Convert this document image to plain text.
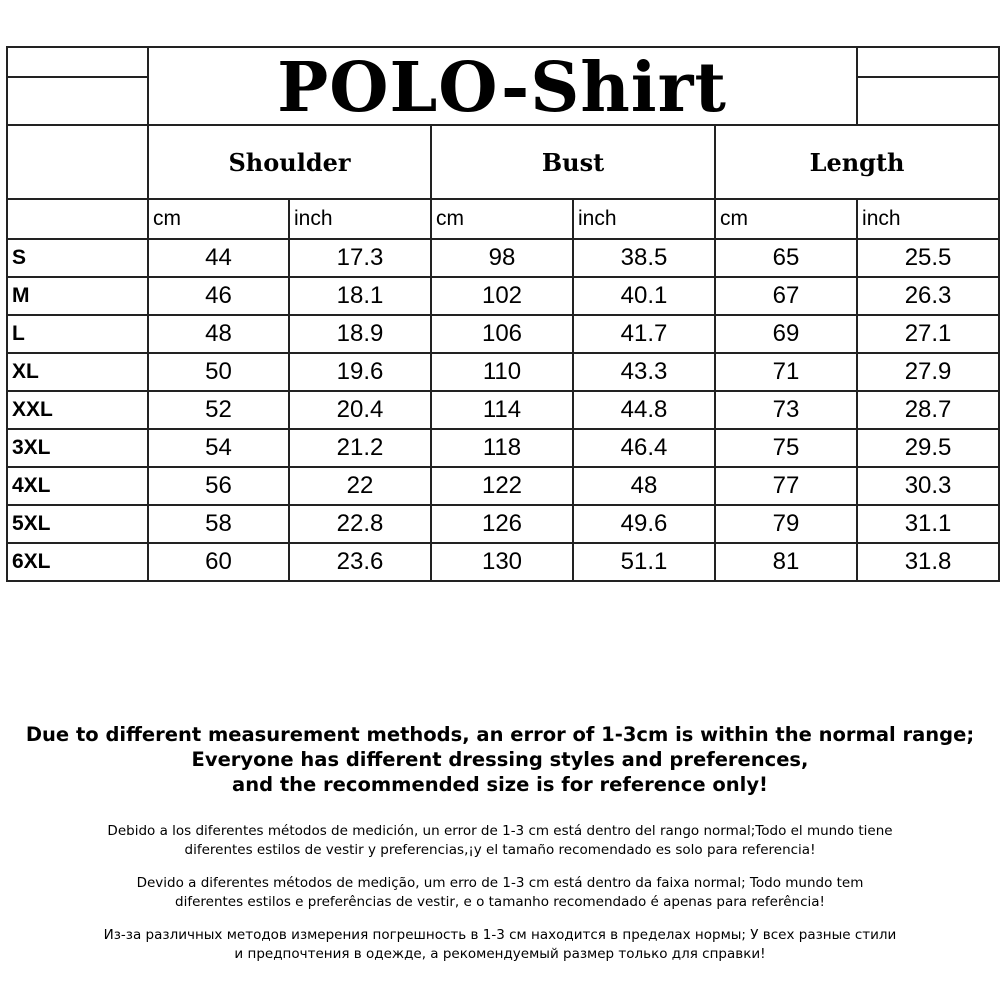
	Shoulder		Bust		Length	
	cm	inch	cm	inch	cm	inch
S	44	17.3	98	38.5	65	25.5
M	46	18.1	102	40.1	67	26.3
L	48	18.9	106	41.7	69	27.1
XL	50	19.6	110	43.3	71	27.9
XXL	52	20.4	114	44.8	73	28.7
3XL	54	21.2	118	46.4	75	29.5
4XL	56	22	122	48	77	30.3
5XL	58	22.8	126	49.6	79	31.1
6XL	60	23.6	130	51.1	81	31.8
POLO-Shirt
Due to different measurement methods, an error of 1-3cm is within the normal range;
Everyone has different dressing styles and preferences,
and the recommended size is for reference only!
Debido a los diferentes métodos de medición, un error de 1-3 cm está dentro del rango normal;Todo el mundo tiene
diferentes estilos de vestir y preferencias,¡y el tamaño recomendado es solo para referencia!
Devido a diferentes métodos de medição, um erro de 1-3 cm está dentro da faixa normal; Todo mundo tem
diferentes estilos e preferências de vestir, e o tamanho recomendado é apenas para referência!
Из-за различных методов измерения погрешность в 1-3 см находится в пределах нормы; У всех разные стили
и предпочтения в одежде, а рекомендуемый размер только для справки!
